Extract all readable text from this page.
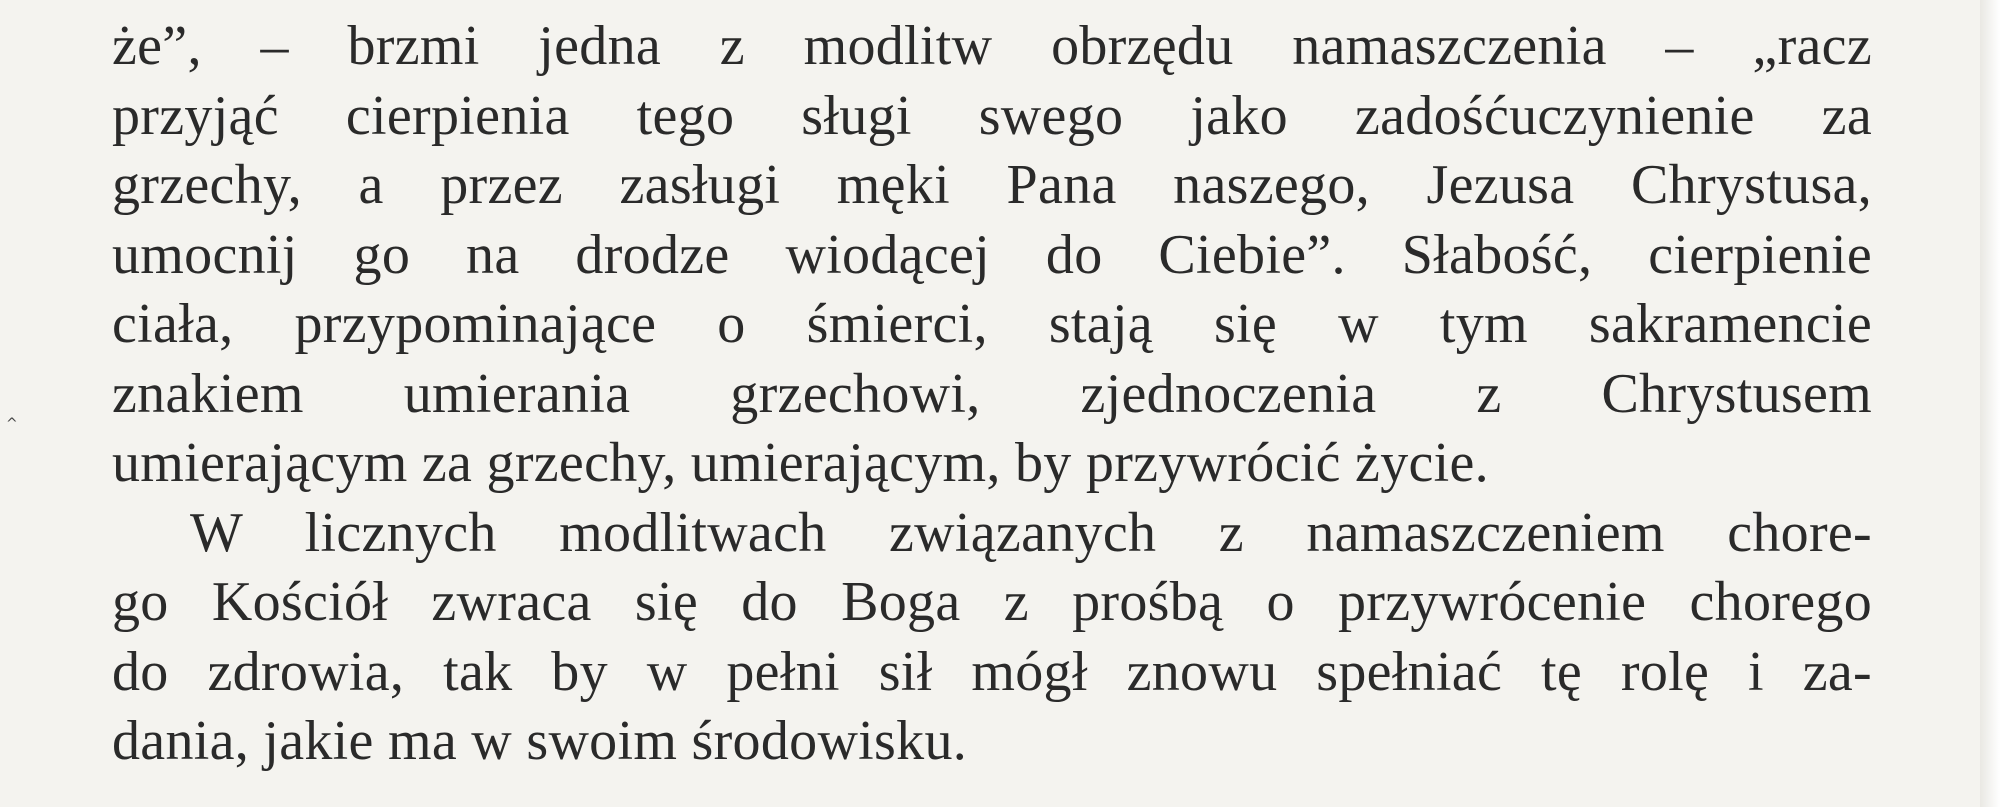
^
że”, – brzmi jedna z modlitw obrzędu namaszczenia – „racz
przyjąć cierpienia tego sługi swego jako zadośćuczynienie za
grzechy, a przez zasługi męki Pana naszego, Jezusa Chrystusa,
umocnij go na drodze wiodącej do Ciebie”. Słabość, cierpienie
ciała, przypominające o śmierci, stają się w tym sakramencie
znakiem umierania grzechowi, zjednoczenia z Chrystusem
umierającym za grzechy, umierającym, by przywrócić życie.
W licznych modlitwach związanych z namaszczeniem chore-
go Kościół zwraca się do Boga z prośbą o przywrócenie chorego
do zdrowia, tak by w pełni sił mógł znowu spełniać tę rolę i za-
dania, jakie ma w swoim środowisku.
